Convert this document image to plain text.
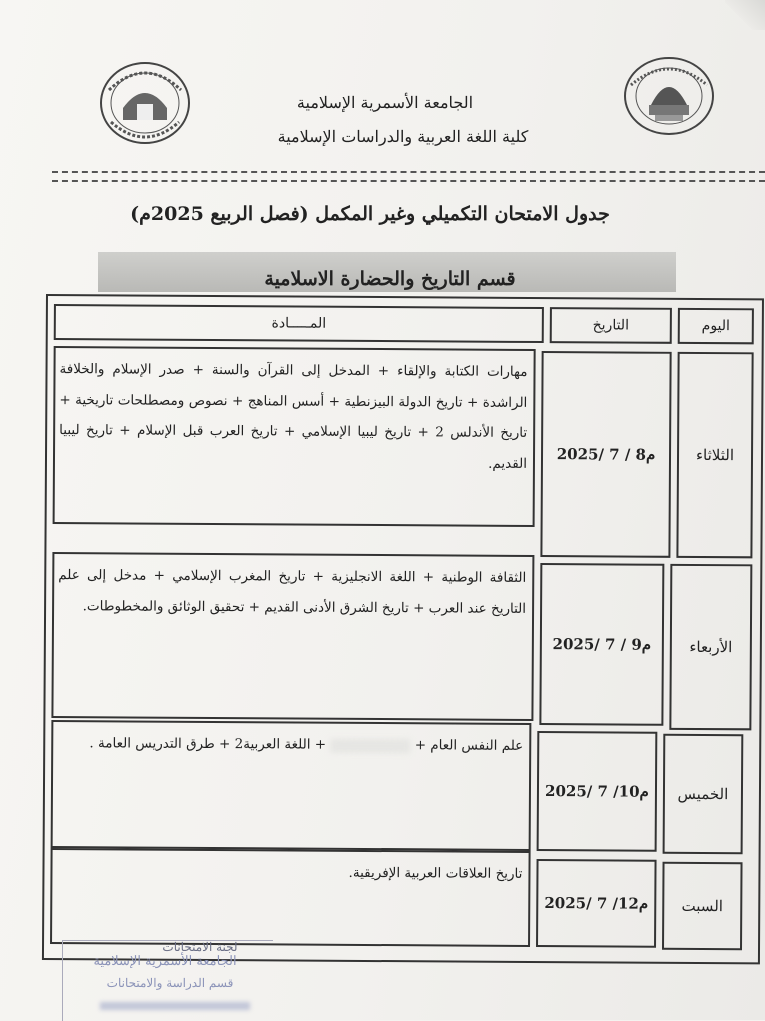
الجامعة الأسمرية الإسلامية
كلية اللغة العربية والدراسات الإسلامية
جدول الامتحان التكميلي وغير المكمل (فصل الربيع 2025م)
قسم التاريخ والحضارة الاسلامية
اليوم
التاريخ
المـــــادة
الثلاثاء
2025/ 7 / 8م
مهارات الكتابة والإلقاء + المدخل إلى القرآن والسنة + صدر الإسلام والخلافة الراشدة + تاريخ الدولة البيزنطية + أسس المناهج + نصوص ومصطلحات تاريخية + تاريخ الأندلس 2 + تاريخ ليبيا الإسلامي + تاريخ العرب قبل الإسلام + تاريخ ليبيا القديم.
الأربعاء
2025/ 7 / 9م
الثقافة الوطنية + اللغة الانجليزية + تاريخ المغرب الإسلامي + مدخل إلى علم التاريخ عند العرب + تاريخ الشرق الأدنى القديم + تحقيق الوثائق والمخطوطات.
الخميس
2025/ 7 /10م
علم النفس العام +  + اللغة العربية2 + طرق التدريس العامة .
السبت
2025/ 7 /12م
تاريخ العلاقات العربية الإفريقية.
لجنة الامتحانات
الجامعة الأسمرية الإسلامية
قسم الدراسة والامتحانات
